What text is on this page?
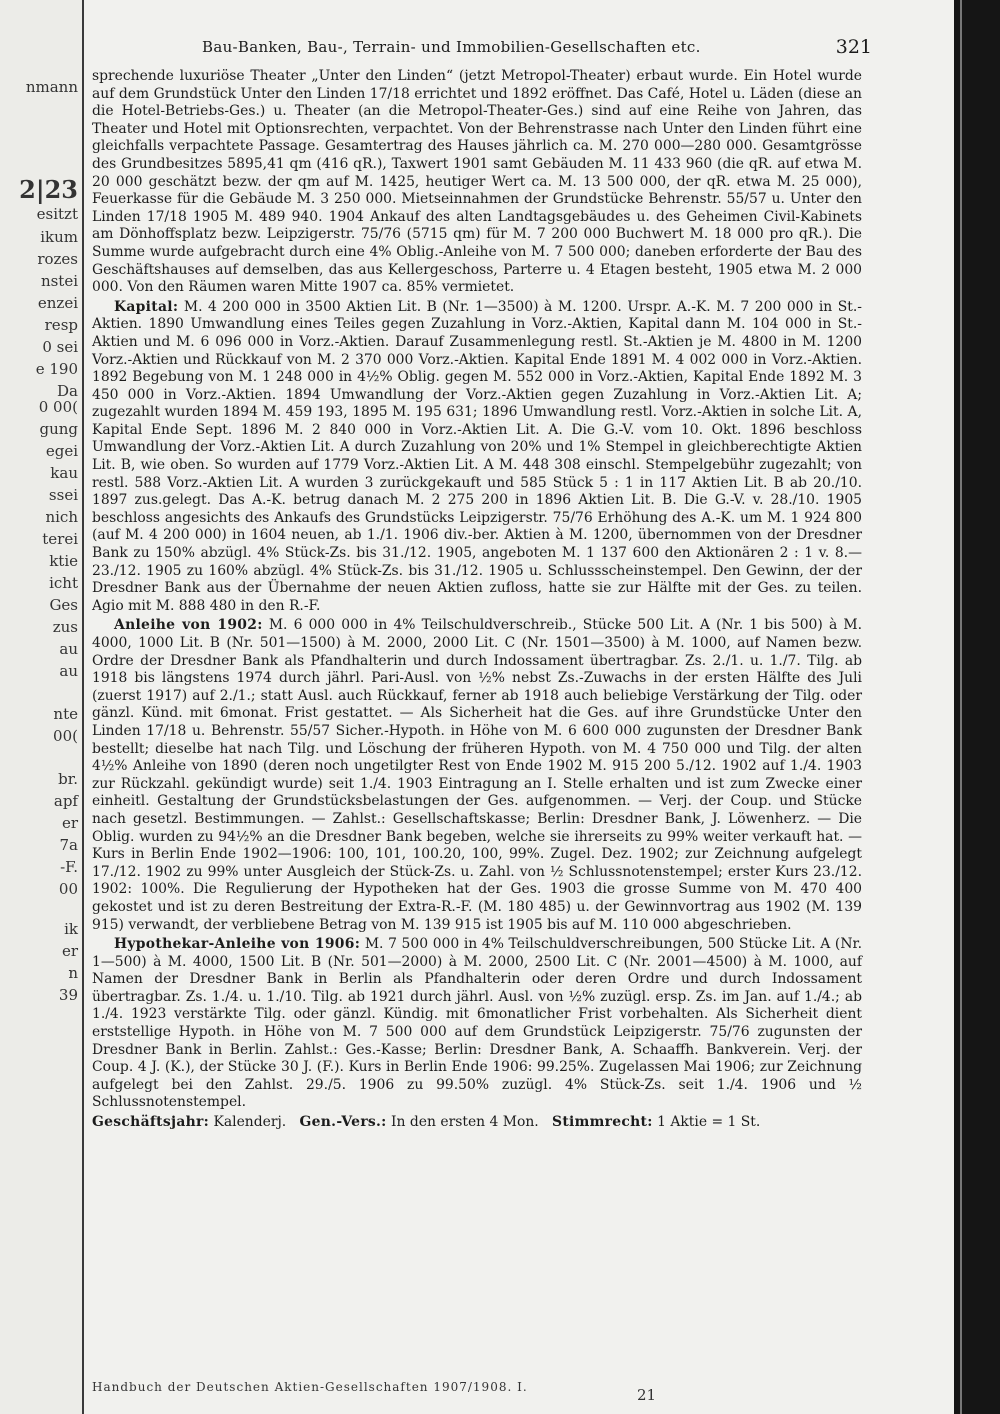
nmann
2|23
esitzt
ikum
rozes
nstei
enzei
resp
0 sei
e 190
Da
0 00(
gung
egei
kau
ssei
nich
terei
ktie
icht
Ges
zus
au
au
nte
00(
br.
apf
er
7a
-F.
00
ik
er
n
39
Bau-Banken, Bau-, Terrain- und Immobilien-Gesellschaften etc.	321

sprechende luxuriöse Theater „Unter den Linden“ (jetzt Metropol-Theater) erbaut wurde. Ein Hotel wurde auf dem Grundstück Unter den Linden 17/18 errichtet und 1892 eröffnet. Das Café, Hotel u. Läden (diese an die Hotel-Betriebs-Ges.) u. Theater (an die Metropol-Theater-Ges.) sind auf eine Reihe von Jahren, das Theater und Hotel mit Optionsrechten, verpachtet. Von der Behrenstrasse nach Unter den Linden führt eine gleichfalls verpachtete Passage. Gesamtertrag des Hauses jährlich ca. M. 270 000—280 000. Gesamtgrösse des Grundbesitzes 5895,41 qm (416 qR.), Taxwert 1901 samt Gebäuden M. 11 433 960 (die qR. auf etwa M. 20 000 geschätzt bezw. der qm auf M. 1425, heutiger Wert ca. M. 13 500 000, der qR. etwa M. 25 000), Feuerkasse für die Gebäude M. 3 250 000. Mietseinnahmen der Grundstücke Behrenstr. 55/57 u. Unter den Linden 17/18 1905 M. 489 940. 1904 Ankauf des alten Landtagsgebäudes u. des Geheimen Civil-Kabinets am Dönhoffsplatz bezw. Leipzigerstr. 75/76 (5715 qm) für M. 7 200 000 Buchwert M. 18 000 pro qR.). Die Summe wurde aufgebracht durch eine 4% Oblig.-Anleihe von M. 7 500 000; daneben erforderte der Bau des Geschäftshauses auf demselben, das aus Kellergeschoss, Parterre u. 4 Etagen besteht, 1905 etwa M. 2 000 000. Von den Räumen waren Mitte 1907 ca. 85% vermietet.

Kapital: M. 4 200 000 in 3500 Aktien Lit. B (Nr. 1—3500) à M. 1200. Urspr. A.-K. M. 7 200 000 in St.-Aktien. 1890 Umwandlung eines Teiles gegen Zuzahlung in Vorz.-Aktien, Kapital dann M. 104 000 in St.-Aktien und M. 6 096 000 in Vorz.-Aktien. Darauf Zusammenlegung restl. St.-Aktien je M. 4800 in M. 1200 Vorz.-Aktien und Rückkauf von M. 2 370 000 Vorz.-Aktien. Kapital Ende 1891 M. 4 002 000 in Vorz.-Aktien. 1892 Begebung von M. 1 248 000 in 4½% Oblig. gegen M. 552 000 in Vorz.-Aktien, Kapital Ende 1892 M. 3 450 000 in Vorz.-Aktien. 1894 Umwandlung der Vorz.-Aktien gegen Zuzahlung in Vorz.-Aktien Lit. A; zugezahlt wurden 1894 M. 459 193, 1895 M. 195 631; 1896 Umwandlung restl. Vorz.-Aktien in solche Lit. A, Kapital Ende Sept. 1896 M. 2 840 000 in Vorz.-Aktien Lit. A. Die G.-V. vom 10. Okt. 1896 beschloss Umwandlung der Vorz.-Aktien Lit. A durch Zuzahlung von 20% und 1% Stempel in gleichberechtigte Aktien Lit. B, wie oben. So wurden auf 1779 Vorz.-Aktien Lit. A M. 448 308 einschl. Stempelgebühr zugezahlt; von restl. 588 Vorz.-Aktien Lit. A wurden 3 zurückgekauft und 585 Stück 5 : 1 in 117 Aktien Lit. B ab 20./10. 1897 zus.gelegt. Das A.-K. betrug danach M. 2 275 200 in 1896 Aktien Lit. B. Die G.-V. v. 28./10. 1905 beschloss angesichts des Ankaufs des Grundstücks Leipzigerstr. 75/76 Erhöhung des A.-K. um M. 1 924 800 (auf M. 4 200 000) in 1604 neuen, ab 1./1. 1906 div.-ber. Aktien à M. 1200, übernommen von der Dresdner Bank zu 150% abzügl. 4% Stück-Zs. bis 31./12. 1905, angeboten M. 1 137 600 den Aktionären 2 : 1 v. 8.—23./12. 1905 zu 160% abzügl. 4% Stück-Zs. bis 31./12. 1905 u. Schlussscheinstempel. Den Gewinn, der der Dresdner Bank aus der Übernahme der neuen Aktien zufloss, hatte sie zur Hälfte mit der Ges. zu teilen. Agio mit M. 888 480 in den R.-F.

Anleihe von 1902: M. 6 000 000 in 4% Teilschuldverschreib., Stücke 500 Lit. A (Nr. 1 bis 500) à M. 4000, 1000 Lit. B (Nr. 501—1500) à M. 2000, 2000 Lit. C (Nr. 1501—3500) à M. 1000, auf Namen bezw. Ordre der Dresdner Bank als Pfandhalterin und durch Indossament übertragbar. Zs. 2./1. u. 1./7. Tilg. ab 1918 bis längstens 1974 durch jährl. Pari-Ausl. von ½% nebst Zs.-Zuwachs in der ersten Hälfte des Juli (zuerst 1917) auf 2./1.; statt Ausl. auch Rückkauf, ferner ab 1918 auch beliebige Verstärkung der Tilg. oder gänzl. Künd. mit 6monat. Frist gestattet. — Als Sicherheit hat die Ges. auf ihre Grundstücke Unter den Linden 17/18 u. Behrenstr. 55/57 Sicher.-Hypoth. in Höhe von M. 6 600 000 zugunsten der Dresdner Bank bestellt; dieselbe hat nach Tilg. und Löschung der früheren Hypoth. von M. 4 750 000 und Tilg. der alten 4½% Anleihe von 1890 (deren noch ungetilgter Rest von Ende 1902 M. 915 200 5./12. 1902 auf 1./4. 1903 zur Rückzahl. gekündigt wurde) seit 1./4. 1903 Eintragung an I. Stelle erhalten und ist zum Zwecke einer einheitl. Gestaltung der Grundstücksbelastungen der Ges. aufgenommen. — Verj. der Coup. und Stücke nach gesetzl. Bestimmungen. — Zahlst.: Gesellschaftskasse; Berlin: Dresdner Bank, J. Löwenherz. — Die Oblig. wurden zu 94½% an die Dresdner Bank begeben, welche sie ihrerseits zu 99% weiter verkauft hat. — Kurs in Berlin Ende 1902—1906: 100, 101, 100.20, 100, 99%. Zugel. Dez. 1902; zur Zeichnung aufgelegt 17./12. 1902 zu 99% unter Ausgleich der Stück-Zs. u. Zahl. von ½ Schlussnotenstempel; erster Kurs 23./12. 1902: 100%. Die Regulierung der Hypotheken hat der Ges. 1903 die grosse Summe von M. 470 400 gekostet und ist zu deren Bestreitung der Extra-R.-F. (M. 180 485) u. der Gewinnvortrag aus 1902 (M. 139 915) verwandt, der verbliebene Betrag von M. 139 915 ist 1905 bis auf M. 110 000 abgeschrieben.

Hypothekar-Anleihe von 1906: M. 7 500 000 in 4% Teilschuldverschreibungen, 500 Stücke Lit. A (Nr. 1—500) à M. 4000, 1500 Lit. B (Nr. 501—2000) à M. 2000, 2500 Lit. C (Nr. 2001—4500) à M. 1000, auf Namen der Dresdner Bank in Berlin als Pfandhalterin oder deren Ordre und durch Indossament übertragbar. Zs. 1./4. u. 1./10. Tilg. ab 1921 durch jährl. Ausl. von ½% zuzügl. ersp. Zs. im Jan. auf 1./4.; ab 1./4. 1923 verstärkte Tilg. oder gänzl. Kündig. mit 6monatlicher Frist vorbehalten. Als Sicherheit dient erststellige Hypoth. in Höhe von M. 7 500 000 auf dem Grundstück Leipzigerstr. 75/76 zugunsten der Dresdner Bank in Berlin. Zahlst.: Ges.-Kasse; Berlin: Dresdner Bank, A. Schaaffh. Bankverein. Verj. der Coup. 4 J. (K.), der Stücke 30 J. (F.). Kurs in Berlin Ende 1906: 99.25%. Zugelassen Mai 1906; zur Zeichnung aufgelegt bei den Zahlst. 29./5. 1906 zu 99.50% zuzügl. 4% Stück-Zs. seit 1./4. 1906 und ½ Schlussnotenstempel.

Geschäftsjahr: Kalenderj. Gen.-Vers.: In den ersten 4 Mon. Stimmrecht: 1 Aktie = 1 St.

Handbuch der Deutschen Aktien-Gesellschaften 1907/1908. I.	21
